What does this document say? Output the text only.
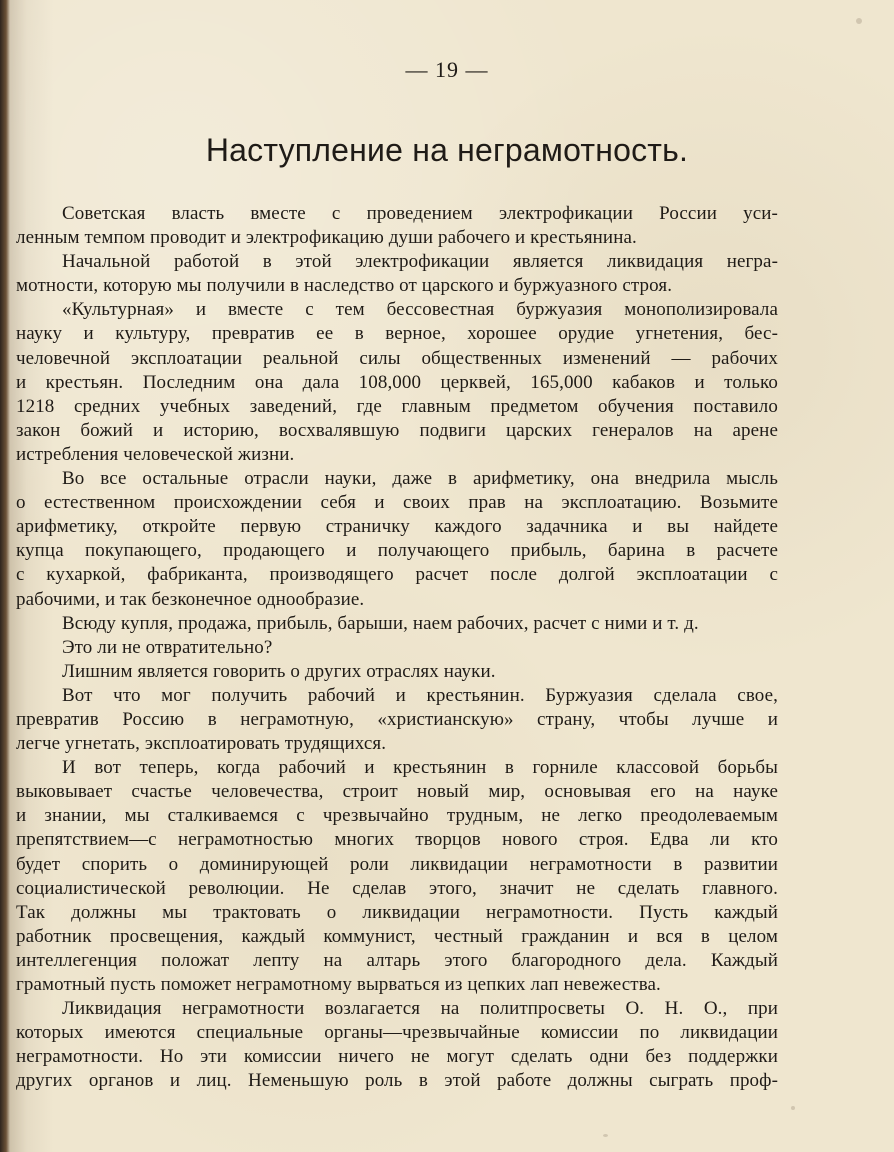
— 19 —
Наступление на неграмотность.
Советская власть вместе с проведением электрофикации России уси-
ленным темпом проводит и электрофикацию души рабочего и крестьянина.
Начальной работой в этой электрофикации является ликвидация негра-
мотности, которую мы получили в наследство от царского и буржуазного строя.
«Культурная» и вместе с тем бессовестная буржуазия монополизировала
науку и культуру, превратив ее в верное, хорошее орудие угнетения, бес-
человечной эксплоатации реальной силы общественных изменений — рабочих
и крестьян. Последним она дала 108,000 церквей, 165,000 кабаков и только
1218 средних учебных заведений, где главным предметом обучения поставило
закон божий и историю, восхвалявшую подвиги царских генералов на арене
истребления человеческой жизни.
Во все остальные отрасли науки, даже в арифметику, она внедрила мысль
о естественном происхождении себя и своих прав на эксплоатацию. Возьмите
арифметику, откройте первую страничку каждого задачника и вы найдете
купца покупающего, продающего и получающего прибыль, барина в расчете
с кухаркой, фабриканта, производящего расчет после долгой эксплоатации с
рабочими, и так безконечное однообразие.
Всюду купля, продажа, прибыль, барыши, наем рабочих, расчет с ними и т. д.
Это ли не отвратительно?
Лишним является говорить о других отраслях науки.
Вот что мог получить рабочий и крестьянин. Буржуазия сделала свое,
превратив Россию в неграмотную, «христианскую» страну, чтобы лучше и
легче угнетать, эксплоатировать трудящихся.
И вот теперь, когда рабочий и крестьянин в горниле классовой борьбы
выковывает счастье человечества, строит новый мир, основывая его на науке
и знании, мы сталкиваемся с чрезвычайно трудным, не легко преодолеваемым
препятствием—с неграмотностью многих творцов нового строя. Едва ли кто
будет спорить о доминирующей роли ликвидации неграмотности в развитии
социалистической революции. Не сделав этого, значит не сделать главного.
Так должны мы трактовать о ликвидации неграмотности. Пусть каждый
работник просвещения, каждый коммунист, честный гражданин и вся в целом
интеллегенция положат лепту на алтарь этого благородного дела. Каждый
грамотный пусть поможет неграмотному вырваться из цепких лап невежества.
Ликвидация неграмотности возлагается на политпросветы О. Н. О., при
которых имеются специальные органы—чрезвычайные комиссии по ликвидации
неграмотности. Но эти комиссии ничего не могут сделать одни без поддержки
других органов и лиц. Неменьшую роль в этой работе должны сыграть проф-
